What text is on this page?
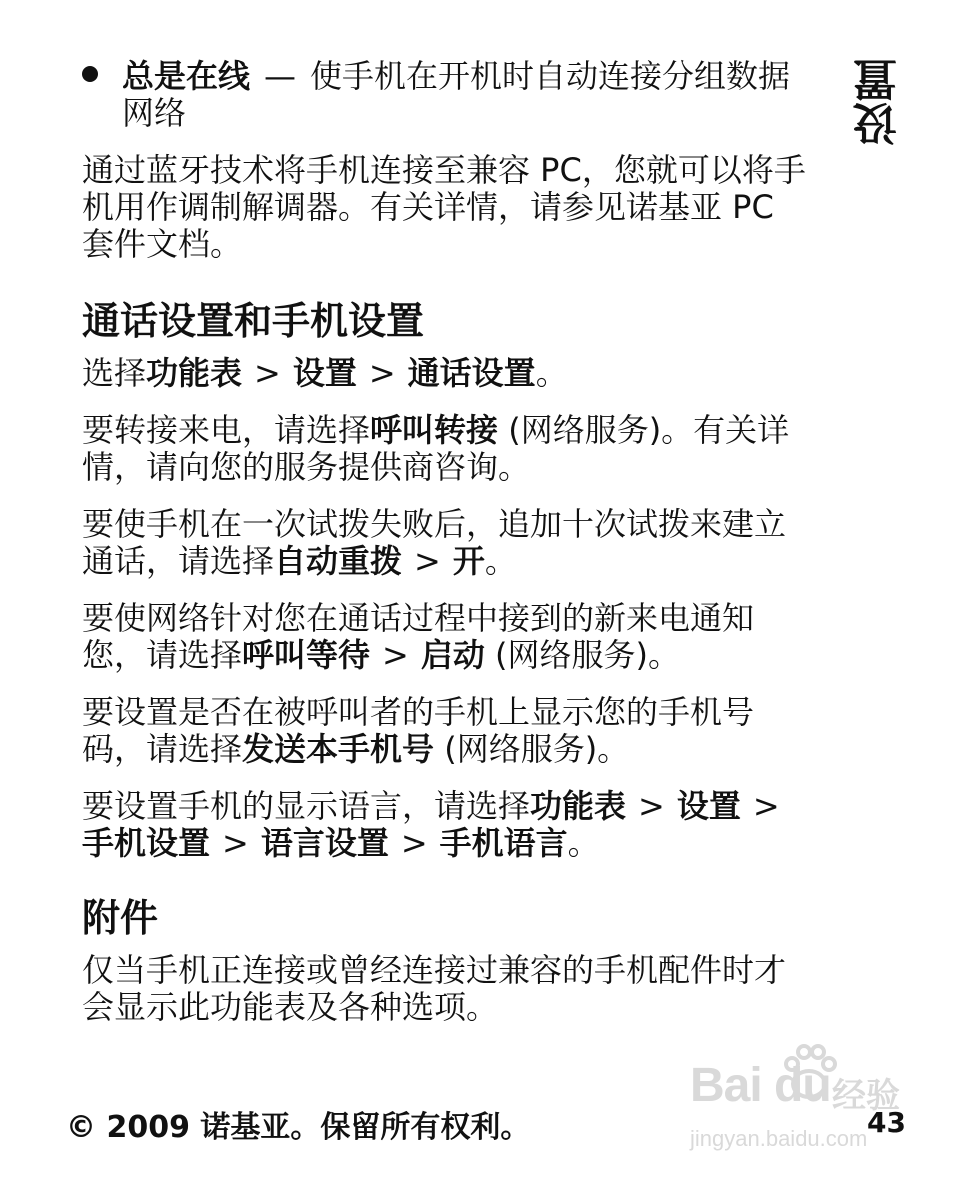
设置
总是在线 — 使手机在开机时自动连接分组数据网络

通过蓝牙技术将手机连接至兼容 PC，您就可以将手机用作调制解调器。有关详情，请参见诺基亚 PC 套件文档。

通话设置和手机设置

选择功能表 > 设置 > 通话设置。

要转接来电，请选择呼叫转接 (网络服务)。有关详情，请向您的服务提供商咨询。

要使手机在一次试拨失败后，追加十次试拨来建立通话，请选择自动重拨 > 开。

要使网络针对您在通话过程中接到的新来电通知您，请选择呼叫等待 > 启动 (网络服务)。

要设置是否在被呼叫者的手机上显示您的手机号码，请选择发送本手机号 (网络服务)。

要设置手机的显示语言，请选择功能表 > 设置 >手机设置 > 语言设置 > 手机语言。

附件

仅当手机正连接或曾经连接过兼容的手机配件时才会显示此功能表及各种选项。

© 2009 诺基亚。保留所有权利。	43
Bai du 经验
jingyan.baidu.com
